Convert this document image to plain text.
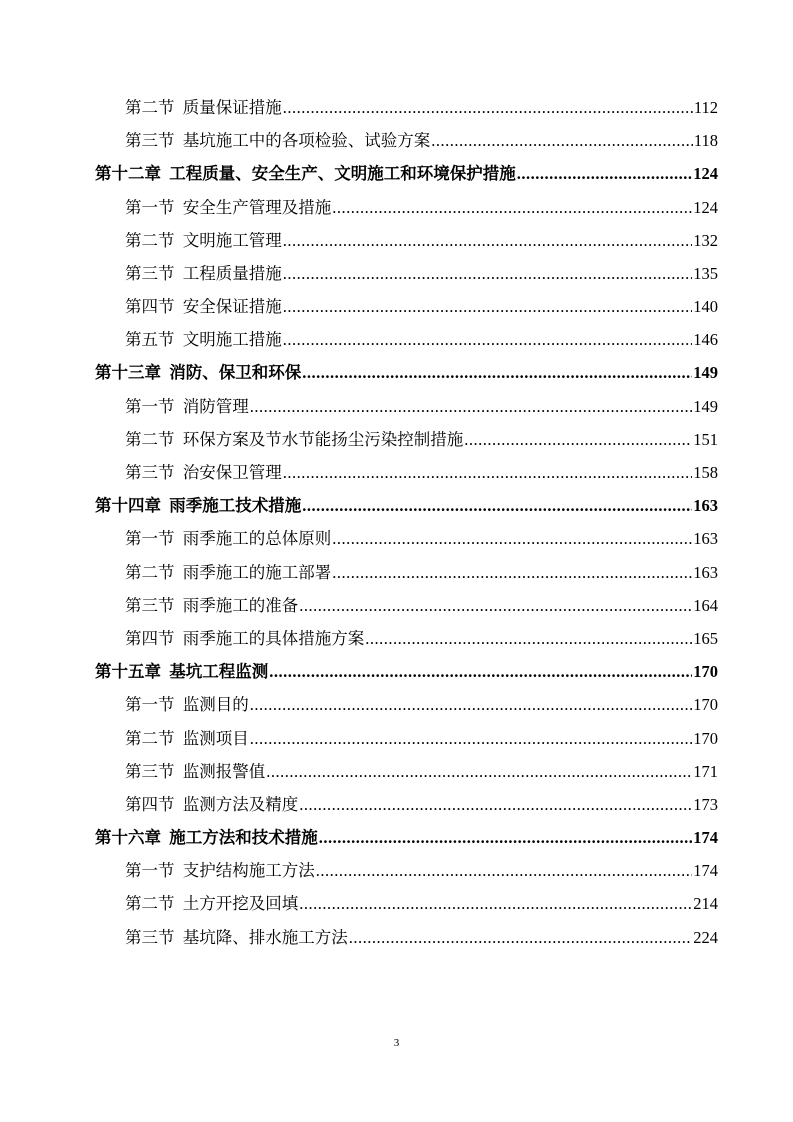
第二节 质量保证措施 .....	112
第三节 基坑施工中的各项检验、试验方案 .....	118
第十二章 工程质量、安全生产、文明施工和环境保护措施 .....	124
第一节 安全生产管理及措施 .....	124
第二节 文明施工管理 .....	132
第三节 工程质量措施 .....	135
第四节 安全保证措施 .....	140
第五节 文明施工措施 .....	146
第十三章 消防、保卫和环保 .....	149
第一节 消防管理 .....	149
第二节 环保方案及节水节能扬尘污染控制措施 .....	151
第三节 治安保卫管理 .....	158
第十四章 雨季施工技术措施 .....	163
第一节 雨季施工的总体原则 .....	163
第二节 雨季施工的施工部署 .....	163
第三节 雨季施工的准备 .....	164
第四节 雨季施工的具体措施方案 .....	165
第十五章 基坑工程监测 .....	170
第一节 监测目的 .....	170
第二节 监测项目 .....	170
第三节 监测报警值 .....	171
第四节 监测方法及精度 .....	173
第十六章 施工方法和技术措施 .....	174
第一节 支护结构施工方法 .....	174
第二节 土方开挖及回填 .....	214
第三节 基坑降、排水施工方法 .....	224
3
